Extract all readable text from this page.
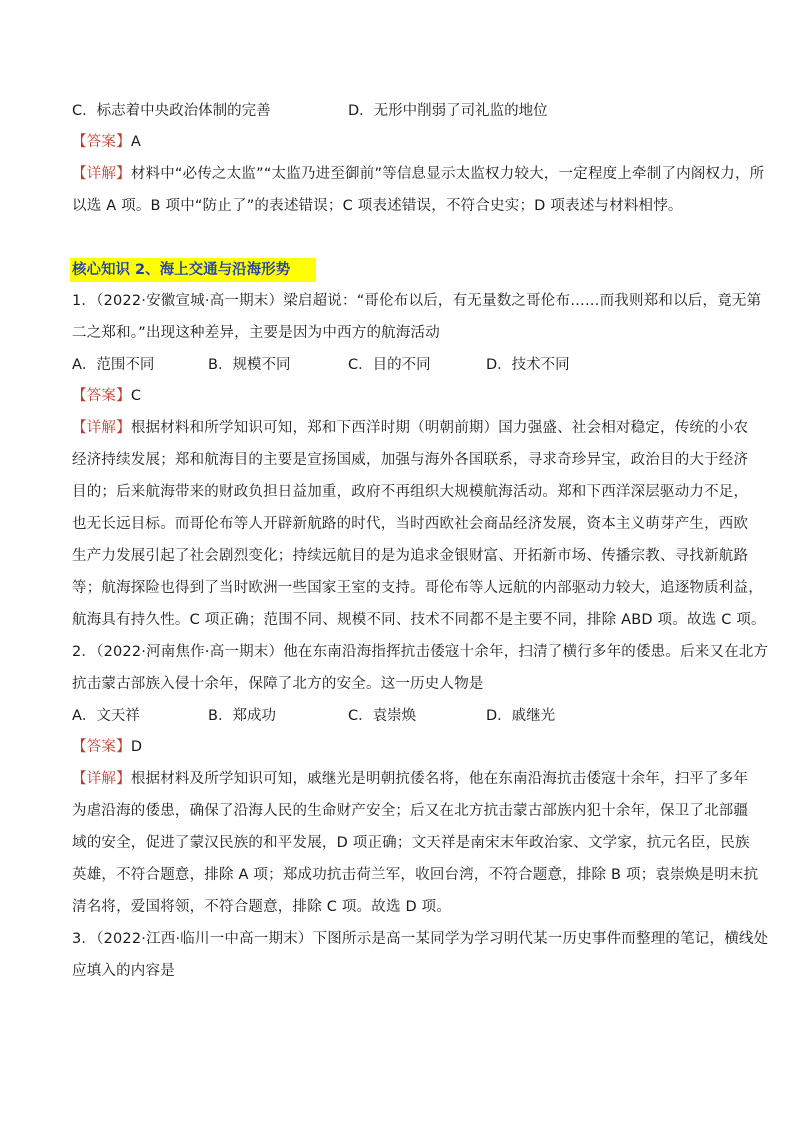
C．标志着中央政治体制的完善	D．无形中削弱了司礼监的地位
【答案】A
【详解】材料中“必传之太监”“太监乃进至御前”等信息显示太监权力较大，一定程度上牵制了内阁权力，所
以选 A 项。B 项中“防止了”的表述错误；C 项表述错误，不符合史实；D 项表述与材料相悖。
核心知识 2、海上交通与沿海形势
1．（2022·安徽宣城·高一期末）梁启超说：“哥伦布以后，有无量数之哥伦布……而我则郑和以后，竟无第
二之郑和。”出现这种差异，主要是因为中西方的航海活动
A．范围不同	B．规模不同	C．目的不同	D．技术不同
【答案】C
【详解】根据材料和所学知识可知，郑和下西洋时期（明朝前期）国力强盛、社会相对稳定，传统的小农
经济持续发展；郑和航海目的主要是宣扬国威，加强与海外各国联系，寻求奇珍异宝，政治目的大于经济
目的；后来航海带来的财政负担日益加重，政府不再组织大规模航海活动。郑和下西洋深层驱动力不足，
也无长远目标。而哥伦布等人开辟新航路的时代，当时西欧社会商品经济发展，资本主义萌芽产生，西欧
生产力发展引起了社会剧烈变化；持续远航目的是为追求金银财富、开拓新市场、传播宗教、寻找新航路
等；航海探险也得到了当时欧洲一些国家王室的支持。哥伦布等人远航的内部驱动力较大，追逐物质利益，
航海具有持久性。C 项正确；范围不同、规模不同、技术不同都不是主要不同，排除 ABD 项。故选 C 项。
2．（2022·河南焦作·高一期末）他在东南沿海指挥抗击倭寇十余年，扫清了横行多年的倭患。后来又在北方
抗击蒙古部族入侵十余年，保障了北方的安全。这一历史人物是
A．文天祥	B．郑成功	C．袁崇焕	D．戚继光
【答案】D
【详解】根据材料及所学知识可知，戚继光是明朝抗倭名将，他在东南沿海抗击倭寇十余年，扫平了多年
为虐沿海的倭患，确保了沿海人民的生命财产安全；后又在北方抗击蒙古部族内犯十余年，保卫了北部疆
域的安全，促进了蒙汉民族的和平发展，D 项正确；文天祥是南宋末年政治家、文学家，抗元名臣，民族
英雄，不符合题意，排除 A 项；郑成功抗击荷兰军，收回台湾，不符合题意，排除 B 项；袁崇焕是明末抗
清名将，爱国将领，不符合题意，排除 C 项。故选 D 项。
3．（2022·江西·临川一中高一期末）下图所示是高一某同学为学习明代某一历史事件而整理的笔记，横线处
应填入的内容是
